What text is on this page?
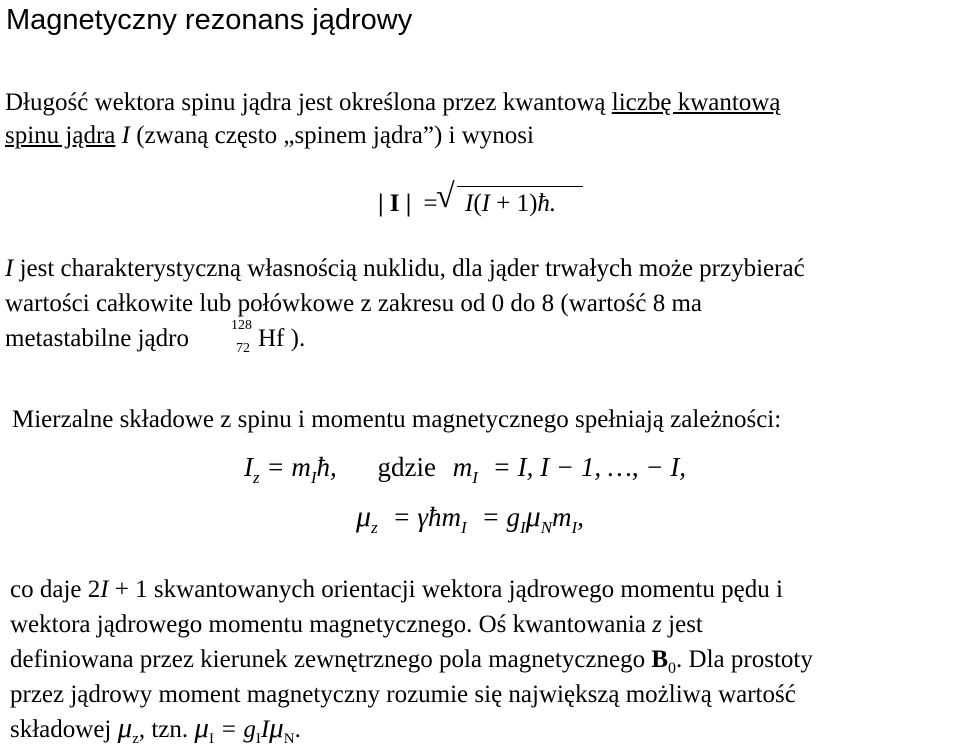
Magnetyczny rezonans jądrowy
Długość wektora spinu jądra jest określona przez kwantową liczbę kwantową
spinu jądra I (zwaną często „spinem jądra”) i wynosi
| I | =
√ I(I + 1)ħ.
I jest charakterystyczną własnością nuklidu, dla jąder trwałych może przybierać
wartości całkowite lub połówkowe z zakresu od 0 do 8 (wartość 8 ma
metastabilne jądro	128
72 Hf ).
Mierzalne składowe z spinu i momentu magnetycznego spełniają zależności:
$I_z$ = $m_Iħ$, gdzie $m_I = I$, I − 1, …, − I,
$\mu_z$ = γħm$_I$ = $g_I\mu_Nm_I$,
co daje 2I + 1 skwantowanych orientacji wektora jądrowego momentu pędu i
wektora jądrowego momentu magnetycznego. Oś kwantowania z jest
definiowana przez kierunek zewnętrznego pola magnetycznego $B_0$. Dla prostoty
przez jądrowy moment magnetyczny rozumie się największą możliwą wartość
składowej $\mu_z$, tzn. $\mu_I = g_II\mu_N$.
